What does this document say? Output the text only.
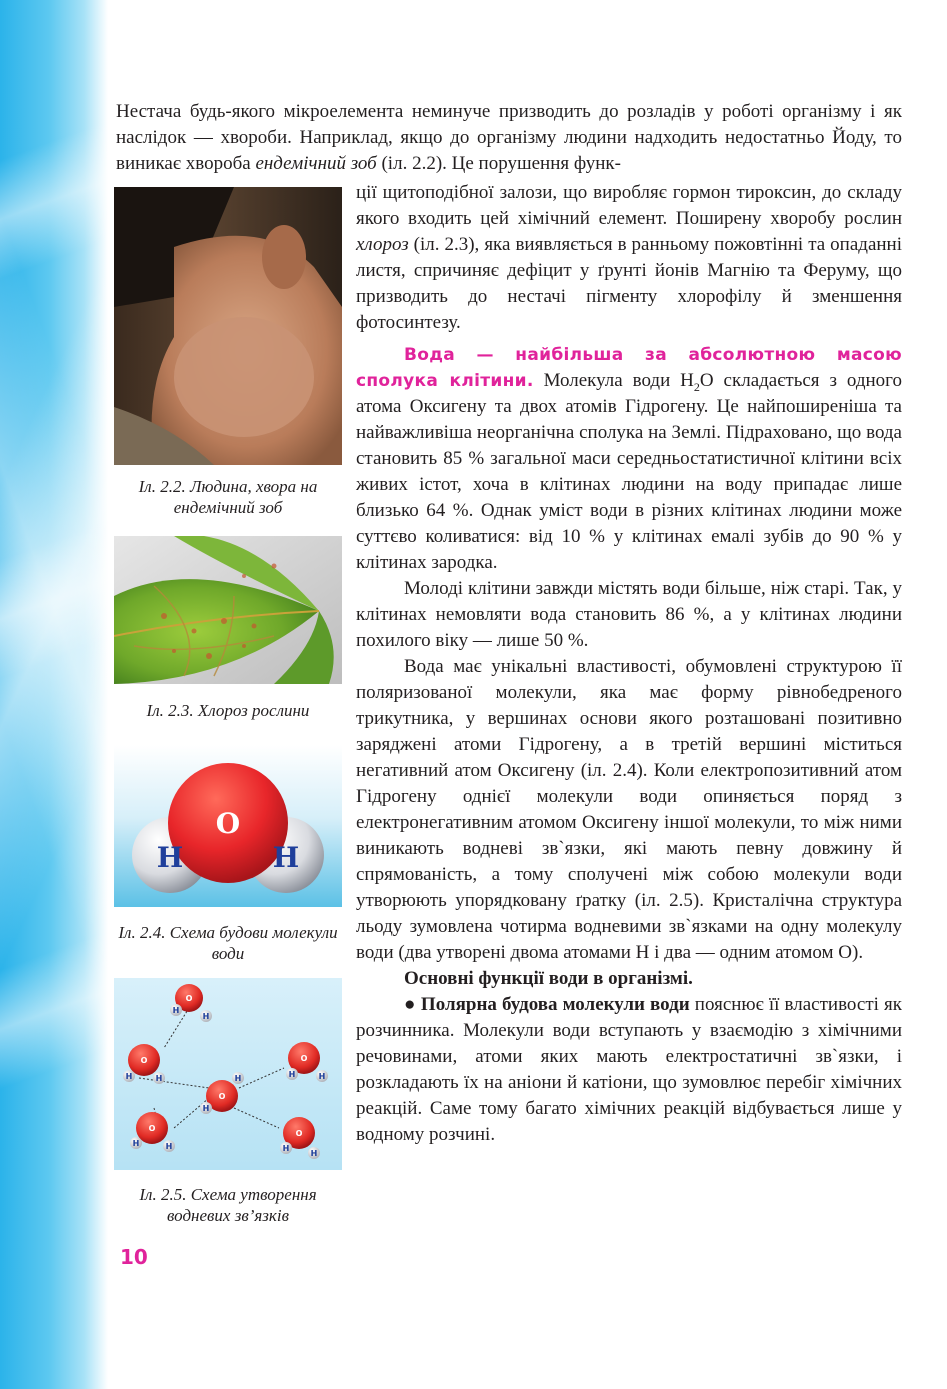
Нестача будь-якого мікроелемента неминуче призводить до розладів у роботі організму і як наслідок — хвороби. Наприклад, якщо до організму людини надходить недостатньо Йоду, то виникає хвороба ендемічний зоб (іл. 2.2). Це порушення функ-

ції щитоподібної залози, що виробляє гормон тироксин, до складу якого входить цей хімічний елемент. Поширену хворобу рослин хлороз (іл. 2.3), яка виявляється в ранньому пожовтінні та опаданні листя, спричиняє дефіцит у ґрунті йонів Магнію та Феруму, що призводить до нестачі пігменту хлорофілу й зменшення фотосинтезу.

Вода — найбільша за абсолютною масою сполука клітини. Молекула води $Н_2О$ складається з одного атома Оксигену та двох атомів Гідрогену. Це найпоширеніша та найважливіша неорганічна сполука на Землі. Підраховано, що вода становить 85 % загальної маси середньостатистичної клітини всіх живих істот, хоча в клітинах людини на воду припадає лише близько 64 %. Однак уміст води в різних клітинах людини може суттєво коливатися: від 10 % у клітинах емалі зубів до 90 % у клітинах зародка.

Молоді клітини завжди містять води більше, ніж старі. Так, у клітинах немовляти вода становить 86 %, а у клітинах людини похилого віку — лише 50 %.

Вода має унікальні властивості, обумовлені структурою її поляризованої молекули, яка має форму рівнобедреного трикутника, у вершинах основи якого розташовані позитивно заряджені атоми Гідрогену, а в третій вершині міститься негативний атом Оксигену (іл. 2.4). Коли електропозитивний атом Гідрогену однієї молекули води опиняється поряд з електронегативним атомом Оксигену іншої молекули, то між ними виникають водневі зв`язки, які мають певну довжину й спрямованість, а тому сполучені між собою молекули води утворюють упорядковану ґратку (іл. 2.5). Кристалічна структура льоду зумовлена чотирма водневими зв`язками на одну молекулу води (два утворені двома атомами Н і два — одним атомом О).

Основні функції води в організмі.

● Полярна будова молекули води пояснює її властивості як розчинника. Молекули води вступають у взаємодію з хімічними речовинами, атоми яких мають електростатичні зв`язки, і розкладають їх на аніони й катіони, що зумовлює перебіг хімічних реакцій. Саме тому багато хімічних реакцій відбувається лише у водному розчині.

Іл. 2.2. Людина, хвора на ендемічний зоб
Іл. 2.3. Хлороз рослини
O
H	H
Іл. 2.4. Схема будови молекули води
O
O
O
O
O
O
H
H
H	H
H
H	H	H
H	H	H
H
Іл. 2.5. Схема утворення водневих зв’язків
10
